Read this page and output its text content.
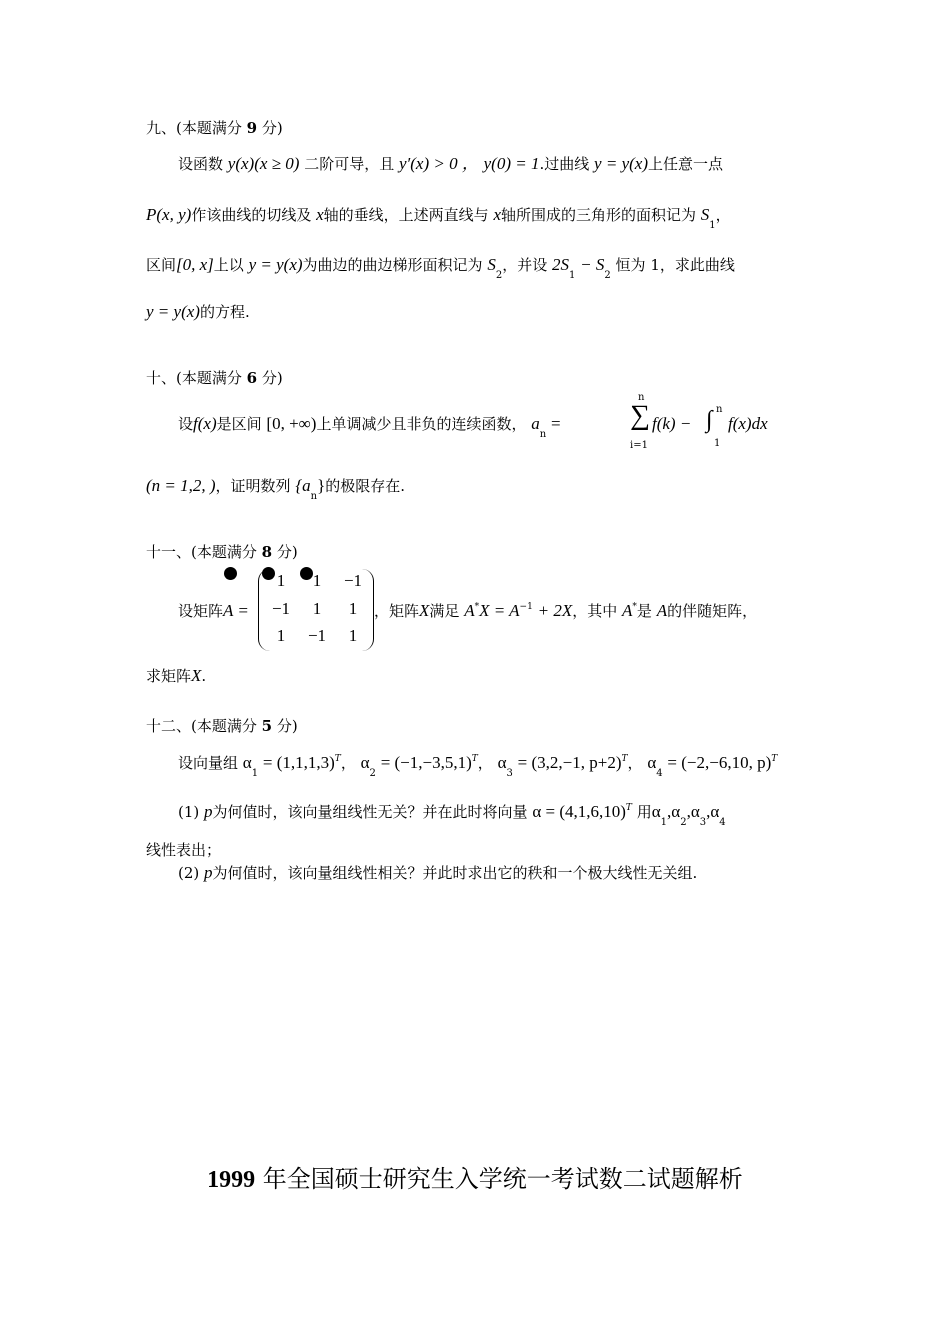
九、(本题满分 9 分)
设函数 y(x)(x ≥ 0) 二阶可导，且 y′(x) > 0 ， y(0) = 1.过曲线 y = y(x)上任意一点
P(x, y)作该曲线的切线及 x轴的垂线，上述两直线与 x轴所围成的三角形的面积记为 $S_1$，
区间[0, x]上以 y = y(x)为曲边的曲边梯形面积记为 $S_2$，并设 $2S_1 - S_2$ 恒为 1，求此曲线
y = y(x)的方程.
十、(本题满分 6 分)
设f(x)是区间 [0, +∞)上单调减少且非负的连续函数， $a_n$ = ∑
i=1
n
f(k) − ∫ n
1
f(x)dx
(n = 1,2, )，证明数列 $\{a_n\}$的极限存在.
十一、(本题满分 8 分)
设矩阵A =
1	1	−1
−1	1	1
1	−1	1
，矩阵X满足 $A^*X = A^{-1} + 2X$，其中 A*是 A的伴随矩阵，
求矩阵X.
十二、(本题满分 5 分)
设向量组 $\alpha_1 = (1,1,1,3)^T$， $\alpha_2 = (-1,-3,5,1)^T$， $\alpha_3 = (3,2,-1$, p+2)$^T$， $\alpha_4 = (-2,-6,10$, p)$^T$
(1) p为何值时，该向量组线性无关？并在此时将向量 $\alpha = (4,1,6,10)^T$ 用$\alpha_1,\alpha_2,\alpha_3,\alpha_4$
线性表出；
(2) p为何值时，该向量组线性相关？并此时求出它的秩和一个极大线性无关组.
1999 年全国硕士研究生入学统一考试数二试题解析
